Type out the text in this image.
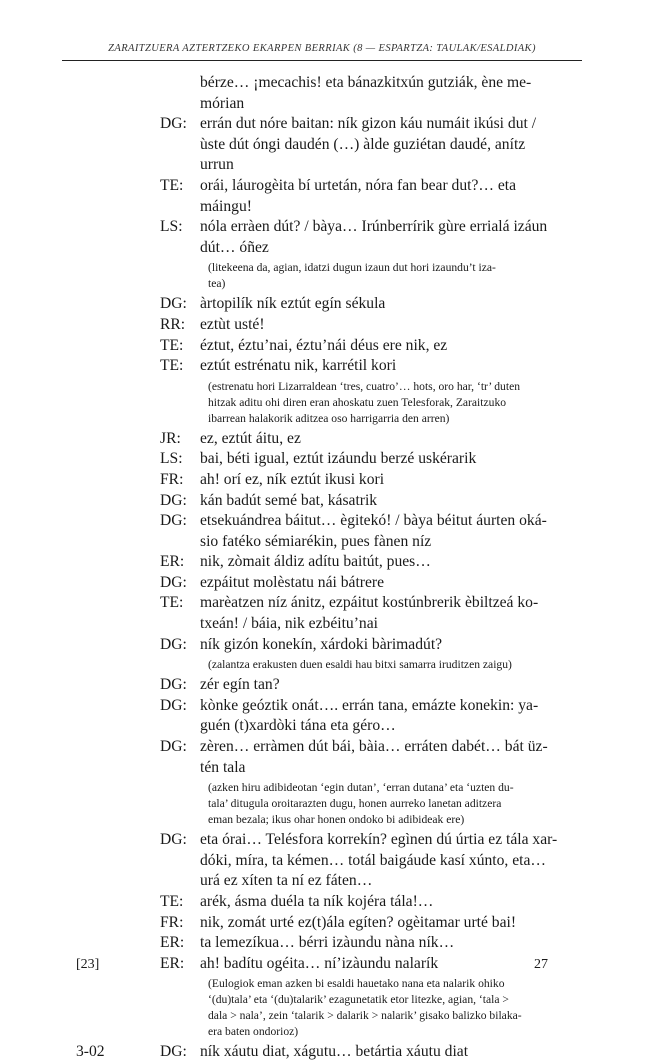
ZARAITZUERA AZTERTZEKO EKARPEN BERRIAK (8 — ESPARTZA: TAULAK/ESALDIAK)
bérze… ¡mecachis! eta bánazkitxún gutziák, ène me-
mórian
DG: errán dut nóre baitan: ník gizon káu numáit ikúsi dut /
ùste dút óngi daudén (…) àlde guziétan daudé, anítz
urrun
TE: orái, láurogèita bí urtetán, nóra fan bear dut?… eta
máingu!
LS: nóla erràen dút? / bàya… Irúnberrírik gùre errialá izáun
dút… óñez
(litekeena da, agian, idatzi dugun izaun dut hori izaundu’t iza-
tea)
DG: àrtopilík ník eztút egín sékula
RR: eztùt usté!
TE: éztut, éztu’nai, éztu’nái déus ere nik, ez
TE: eztút estrénatu nik, karrétil kori
(estrenatu hori Lizarraldean ‘tres, cuatro’… hots, oro har, ‘tr’ duten
hitzak aditu ohi diren eran ahoskatu zuen Telesforak, Zaraitzuko
ibarrean halakorik aditzea oso harrigarria den arren)
JR: ez, eztút áitu, ez
LS: bai, béti igual, eztút izáundu berzé uskérarik
FR: ah! orí ez, ník eztút ikusi kori
DG: kán badút semé bat, kásatrik
DG: etsekuándrea báitut… ègitekó! / bàya béitut áurten oká-
sio fatéko sémiarékin, pues fànen níz
ER: nik, zòmait áldiz adítu baitút, pues…
DG: ezpáitut molèstatu nái bátrere
TE: marèatzen níz ánitz, ezpáitut kostúnbrerik èbiltzeá ko-
txeán! / báia, nik ezbéitu’nai
DG: ník gizón konekín, xárdoki bàrimadút?
(zalantza erakusten duen esaldi hau bitxi samarra iruditzen zaigu)
DG: zér egín tan?
DG: kònke geóztik onát…. errán tana, emázte konekin: ya-
guén (t)xardòki tána eta géro…
DG: zèren… erràmen dút bái, bàia… erráten dabét… bát üz-
tén tala
(azken hiru adibideotan ‘egin dutan’, ‘erran dutana’ eta ‘uzten du-
tala’ ditugula oroitarazten dugu, honen aurreko lanetan aditzera
eman bezala; ikus ohar honen ondoko bi adibideak ere)
DG: eta órai… Telésfora korrekín? egìnen dú úrtia ez tála xar-
dóki, míra, ta kémen… totál baigáude kasí xúnto, eta…
urá ez xíten ta ní ez fáten…
TE: arék, ásma duéla ta ník kojéra tála!…
FR: nik, zomát urté ez(t)ála egíten? ogèitamar urté bai!
ER: ta lemezíkua… bérri izàundu nàna ník…
ER: ah! badítu ogéita… ní’izàundu nalarík
(Eulogiok eman azken bi esaldi hauetako nana eta nalarik ohiko
‘(du)tala’ eta ‘(du)talarik’ ezagunetatik etor litezke, agian, ‘tala >
dala > nala’, zein ‘talarik > dalarik > nalarik’ gisako balizko bilaka-
era baten ondorioz)
3-02	DG: ník xáutu diat, xágutu… betártia xáutu diat
[23]	27
